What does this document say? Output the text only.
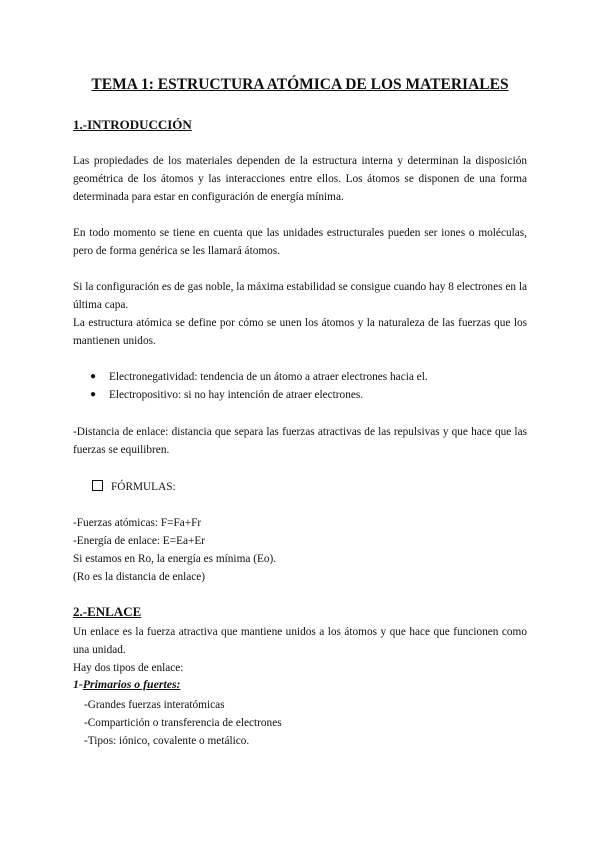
TEMA 1: ESTRUCTURA ATÓMICA DE LOS MATERIALES
1.-INTRODUCCIÓN
Las propiedades de los materiales dependen de la estructura interna y determinan la disposición
geométrica de los átomos y las interacciones entre ellos. Los átomos se disponen de una forma
determinada para estar en configuración de energía mínima.
En todo momento se tiene en cuenta que las unidades estructurales pueden ser iones o moléculas,
pero de forma genérica se les llamará átomos.
Si la configuración es de gas noble, la máxima estabilidad se consigue cuando hay 8 electrones en la
última capa.
La estructura atómica se define por cómo se unen los átomos y la naturaleza de las fuerzas que los
mantienen unidos.
● Electronegatividad: tendencia de un átomo a atraer electrones hacia el.
● Electropositivo: si no hay intención de atraer electrones.
-Distancia de enlace: distancia que separa las fuerzas atractivas de las repulsivas y que hace que las
fuerzas se equilibren.
FÓRMULAS:
-Fuerzas atómicas: F=Fa+Fr
-Energía de enlace: E=Ea+Er
Si estamos en Ro, la energía es mínima (Eo).
(Ro es la distancia de enlace)
2.-ENLACE
Un enlace es la fuerza atractiva que mantiene unidos a los átomos y que hace que funcionen como
una unidad.
Hay dos tipos de enlace:
1-Primarios o fuertes:
-Grandes fuerzas interatómicas
-Compartición o transferencia de electrones
-Tipos: iónico, covalente o metálico.
